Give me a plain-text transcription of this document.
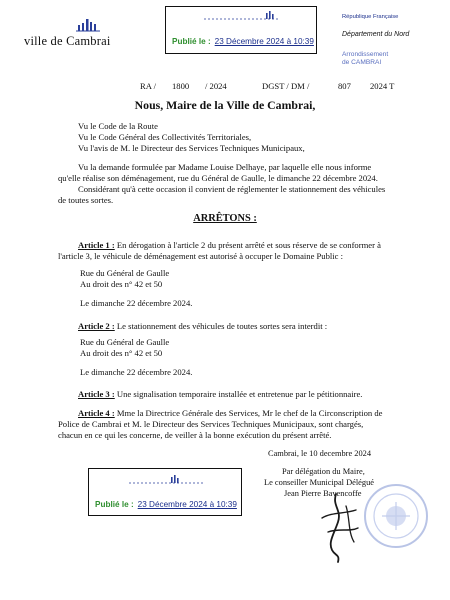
ville de Cambrai	Publié le : 23 Décembre 2024 à 10:39
République Française
Département du Nord
Arrondissement
de CAMBRAI
RA / 1800 / 2024	DGST / DM /	807 2024 T
Nous, Maire de la Ville de Cambrai,
Vu le Code de la Route
Vu le Code Général des Collectivités Territoriales,
Vu l'avis de M. le Directeur des Services Techniques Municipaux,
Vu la demande formulée par Madame Louise Delhaye, par laquelle elle nous informe
qu'elle réalise son déménagement, rue du Général de Gaulle, le dimanche 22 décembre 2024.
Considérant qu'à cette occasion il convient de réglementer le stationnement des véhicules
de toutes sortes.
ARRÊTONS :
Article 1 : En dérogation à l'article 2 du présent arrêté et sous réserve de se conformer à
l'article 3, le véhicule de déménagement est autorisé à occuper le Domaine Public :
Rue du Général de Gaulle
Au droit des n° 42 et 50
Le dimanche 22 décembre 2024.
Article 2 : Le stationnement des véhicules de toutes sortes sera interdit :
Rue du Général de Gaulle
Au droit des n° 42 et 50
Le dimanche 22 décembre 2024.
Article 3 : Une signalisation temporaire installée et entretenue par le pétitionnaire.
Article 4 : Mme la Directrice Générale des Services, Mr le chef de la Circonscription de
Police de Cambrai et M. le Directeur des Services Techniques Municipaux, sont chargés,
chacun en ce qui les concerne, de veiller à la bonne exécution du présent arrêté.
Cambrai, le 10 decembre 2024
Par délégation du Maire,
Le conseiller Municipal Délégué
Jean Pierre Bavencoffe
Publié le : 23 Décembre 2024 à 10:39
